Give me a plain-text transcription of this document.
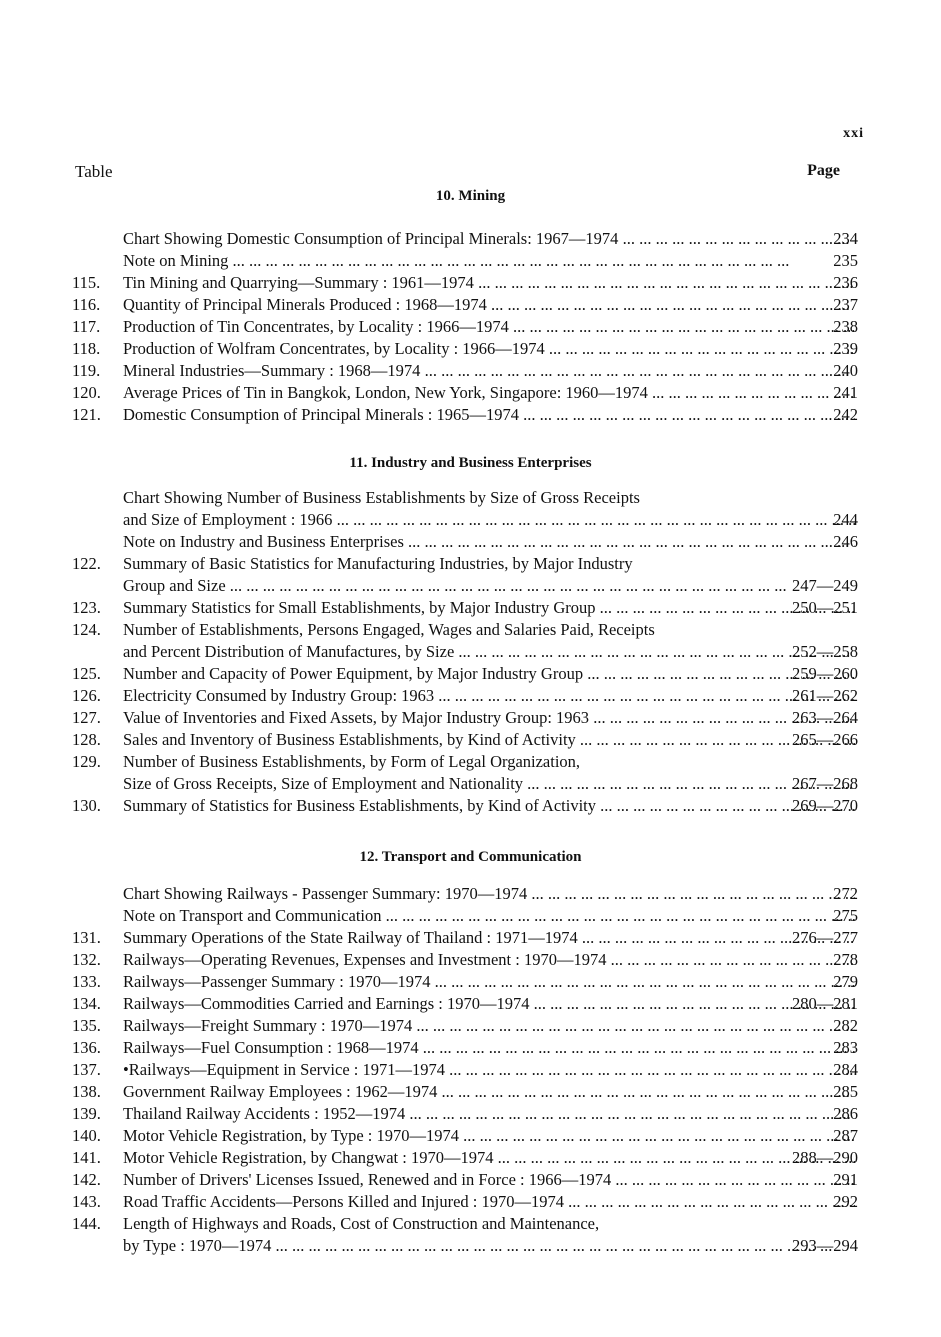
xxi
Table	Page
10. Mining
Chart Showing Domestic Consumption of Principal Minerals: 1967—1974 ... .	234
Note on Mining ... .	235
115. Tin Mining and Quarrying—Summary : 1961—1974 ... .	236
116. Quantity of Principal Minerals Produced : 1968—1974 ... .	237
117. Production of Tin Concentrates, by Locality : 1966—1974 ... .	238
118. Production of Wolfram Concentrates, by Locality : 1966—1974 ... .	239
119. Mineral Industries—Summary : 1968—1974 ... .	240
120. Average Prices of Tin in Bangkok, London, New York, Singapore: 1960—1974 ... .	241
121. Domestic Consumption of Principal Minerals : 1965—1974 ... .	242
11. Industry and Business Enterprises
Chart Showing Number of Business Establishments by Size of Gross Receipts
and Size of Employment : 1966 ... .	244
Note on Industry and Business Enterprises ... .	246
122. Summary of Basic Statistics for Manufacturing Industries, by Major Industry
Group and Size ... .	247—249
123. Summary Statistics for Small Establishments, by Major Industry Group ... .	250—251
124. Number of Establishments, Persons Engaged, Wages and Salaries Paid, Receipts
and Percent Distribution of Manufactures, by Size ... .	252—258
125. Number and Capacity of Power Equipment, by Major Industry Group ... .	259—260
126. Electricity Consumed by Industry Group: 1963 ... .	261—262
127. Value of Inventories and Fixed Assets, by Major Industry Group: 1963 ... .	263—264
128. Sales and Inventory of Business Establishments, by Kind of Activity ... .	265—266
129. Number of Business Establishments, by Form of Legal Organization,
Size of Gross Receipts, Size of Employment and Nationality ... .	267—268
130. Summary of Statistics for Business Establishments, by Kind of Activity ... .	269—270
12. Transport and Communication
Chart Showing Railways - Passenger Summary: 1970—1974 ... .	272
Note on Transport and Communication ... .	275
131. Summary Operations of the State Railway of Thailand : 1971—1974 ... .	276—277
132. Railways—Operating Revenues, Expenses and Investment : 1970—1974 ... .	278
133. Railways—Passenger Summary : 1970—1974 ... .	279
134. Railways—Commodities Carried and Earnings : 1970—1974 ... .	280—281
135. Railways—Freight Summary : 1970—1974 ... .	282
136. Railways—Fuel Consumption : 1968—1974 ... .	283
137. •Railways—Equipment in Service : 1971—1974 ... .	284
138. Government Railway Employees : 1962—1974 ... .	285
139. Thailand Railway Accidents : 1952—1974 ... .	286
140. Motor Vehicle Registration, by Type : 1970—1974 ... .	287
141. Motor Vehicle Registration, by Changwat : 1970—1974 ... .	288—290
142. Number of Drivers' Licenses Issued, Renewed and in Force : 1966—1974 ... .	291
143. Road Traffic Accidents—Persons Killed and Injured : 1970—1974 ... .	292
144. Length of Highways and Roads, Cost of Construction and Maintenance,
by Type : 1970—1974 ... .	293—294
